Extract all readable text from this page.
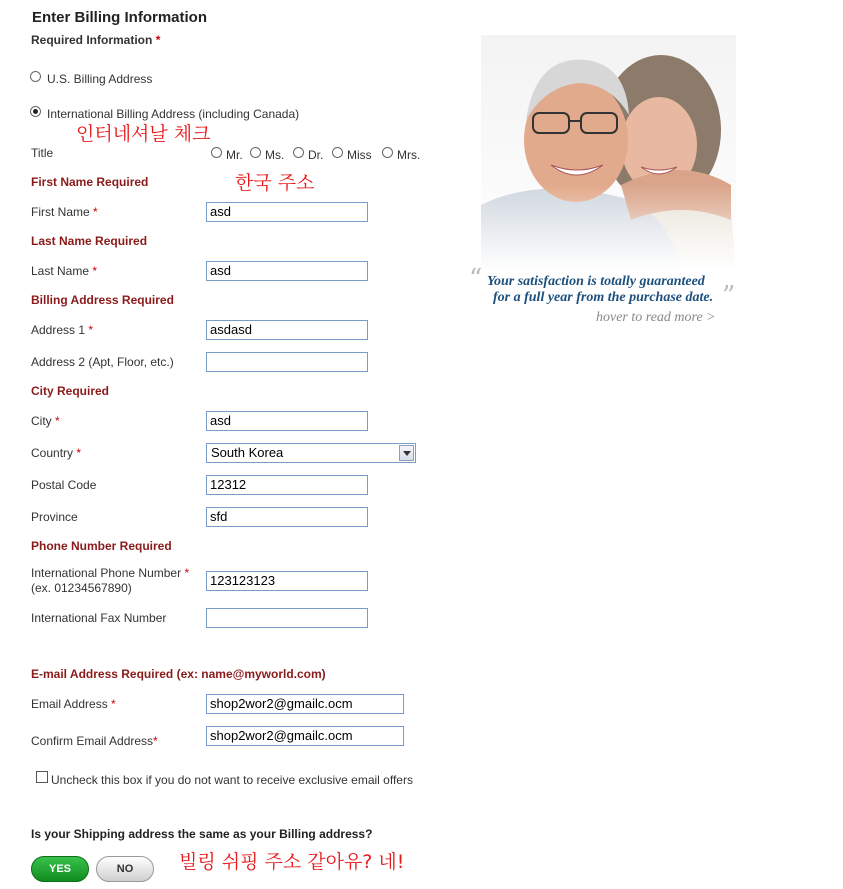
Enter Billing Information
Required Information *
U.S. Billing Address
International Billing Address (including Canada)
인터네셔날 체크
Title	Mr. Ms. Dr. Miss Mrs.
한국 주소
First Name Required
First Name *	asd
Last Name Required
Last Name *	asd
Billing Address Required
Address 1 *	asdasd
Address 2 (Apt, Floor, etc.)
City Required
City *	asd
Country *	South Korea
Postal Code	12312
Province	sfd
Phone Number Required
International Phone Number *
(ex. 01234567890)	123123123
International Fax Number
E-mail Address Required (ex: name@myworld.com)
Email Address *	shop2wor2@gmailc.ocm
Confirm Email Address*	shop2wor2@gmailc.ocm
Uncheck this box if you do not want to receive exclusive email offers
Is your Shipping address the same as your Billing address?
YES	NO	빌링 쉬핑 주소 같아유? 네!
“ Your satisfaction is totally guaranteed
for a full year from the purchase date. ”
hover to read more >
